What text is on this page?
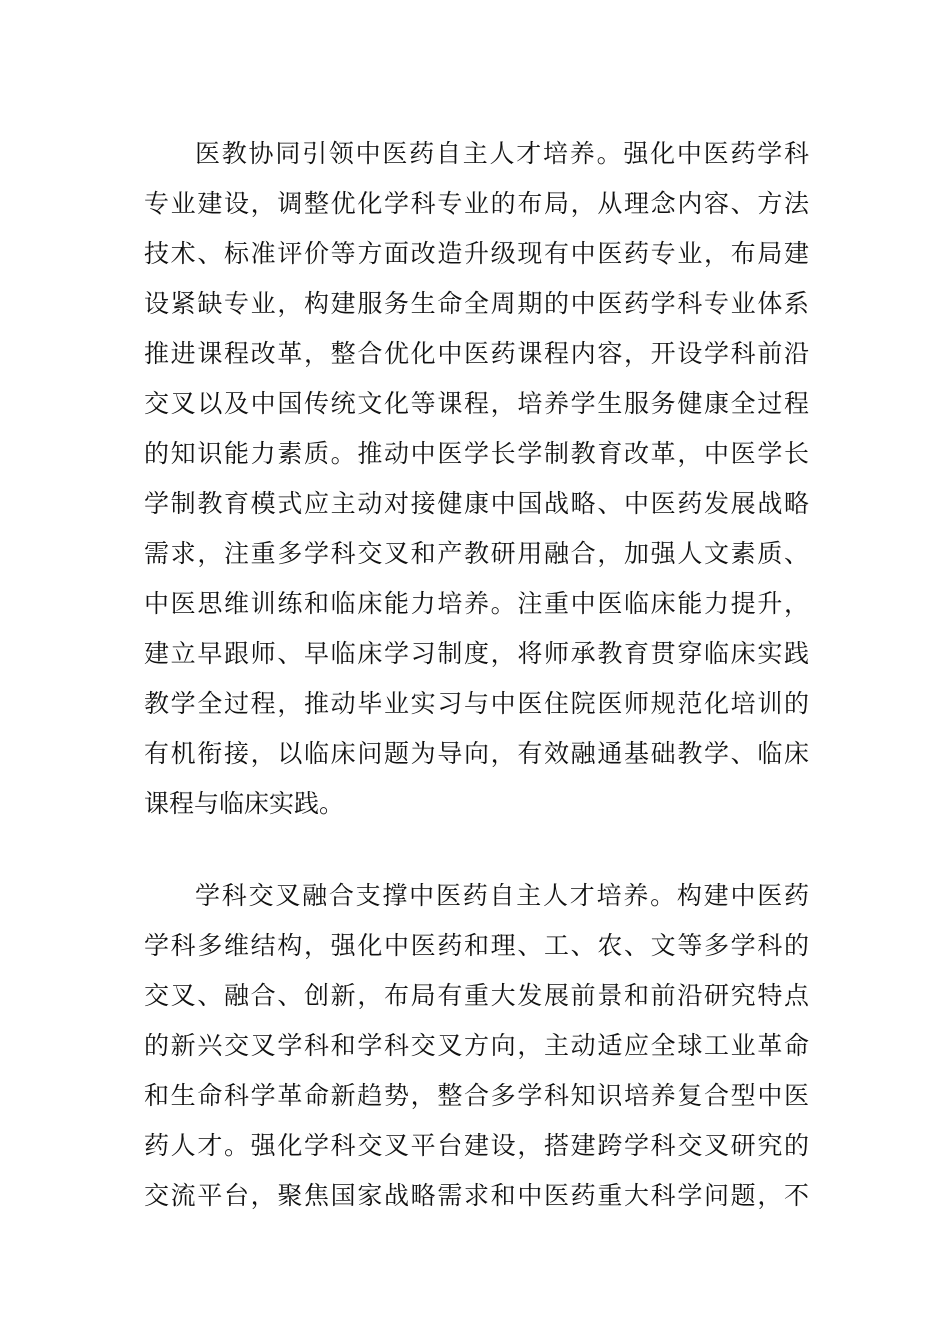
医教协同引领中医药自主人才培养。强化中医药学科
专业建设，调整优化学科专业的布局，从理念内容、方法
技术、标准评价等方面改造升级现有中医药专业，布局建
设紧缺专业，构建服务生命全周期的中医药学科专业体系
推进课程改革，整合优化中医药课程内容，开设学科前沿
交叉以及中国传统文化等课程，培养学生服务健康全过程
的知识能力素质。推动中医学长学制教育改革，中医学长
学制教育模式应主动对接健康中国战略、中医药发展战略
需求，注重多学科交叉和产教研用融合，加强人文素质、
中医思维训练和临床能力培养。注重中医临床能力提升，
建立早跟师、早临床学习制度，将师承教育贯穿临床实践
教学全过程，推动毕业实习与中医住院医师规范化培训的
有机衔接，以临床问题为导向，有效融通基础教学、临床
课程与临床实践。
学科交叉融合支撑中医药自主人才培养。构建中医药
学科多维结构，强化中医药和理、工、农、文等多学科的
交叉、融合、创新，布局有重大发展前景和前沿研究特点
的新兴交叉学科和学科交叉方向，主动适应全球工业革命
和生命科学革命新趋势，整合多学科知识培养复合型中医
药人才。强化学科交叉平台建设，搭建跨学科交叉研究的
交流平台，聚焦国家战略需求和中医药重大科学问题，不
